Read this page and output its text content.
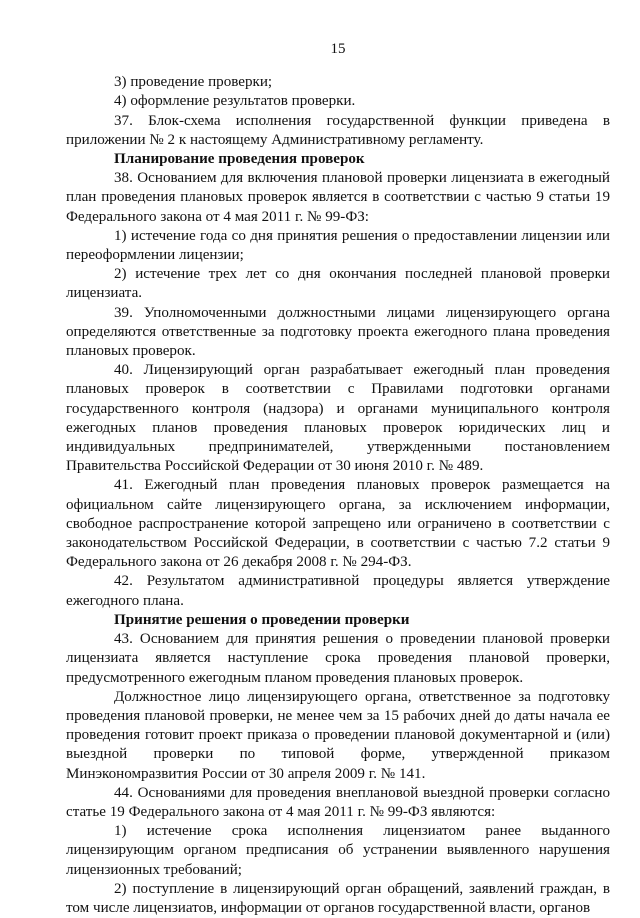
15

3) проведение проверки;

4) оформление результатов проверки.

37. Блок-схема исполнения государственной функции приведена в приложении № 2 к настоящему Административному регламенту.

Планирование проведения проверок

38. Основанием для включения плановой проверки лицензиата в ежегодный план проведения плановых проверок является в соответствии с частью 9 статьи 19 Федерального закона от 4 мая 2011 г. № 99-ФЗ:

1) истечение года со дня принятия решения о предоставлении лицензии или переоформлении лицензии;

2) истечение трех лет со дня окончания последней плановой проверки лицензиата.

39. Уполномоченными должностными лицами лицензирующего органа определяются ответственные за подготовку проекта ежегодного плана проведения плановых проверок.

40. Лицензирующий орган разрабатывает ежегодный план проведения плановых проверок в соответствии с Правилами подготовки органами государственного контроля (надзора) и органами муниципального контроля ежегодных планов проведения плановых проверок юридических лиц и индивидуальных предпринимателей, утвержденными постановлением Правительства Российской Федерации от 30 июня 2010 г. № 489.

41. Ежегодный план проведения плановых проверок размещается на официальном сайте лицензирующего органа, за исключением информации, свободное распространение которой запрещено или ограничено в соответствии с законодательством Российской Федерации, в соответствии с частью 7.2 статьи 9 Федерального закона от 26 декабря 2008 г. № 294-ФЗ.

42. Результатом административной процедуры является утверждение ежегодного плана.

Принятие решения о проведении проверки

43. Основанием для принятия решения о проведении плановой проверки лицензиата является наступление срока проведения плановой проверки, предусмотренного ежегодным планом проведения плановых проверок.

Должностное лицо лицензирующего органа, ответственное за подготовку проведения плановой проверки, не менее чем за 15 рабочих дней до даты начала ее проведения готовит проект приказа о проведении плановой документарной и (или) выездной проверки по типовой форме, утвержденной приказом Минэкономразвития России от 30 апреля 2009 г. № 141.

44. Основаниями для проведения внеплановой выездной проверки согласно статье 19 Федерального закона от 4 мая 2011 г. № 99-ФЗ являются:

1) истечение срока исполнения лицензиатом ранее выданного лицензирующим органом предписания об устранении выявленного нарушения лицензионных требований;

2) поступление в лицензирующий орган обращений, заявлений граждан, в том числе лицензиатов, информации от органов государственной власти, органов
